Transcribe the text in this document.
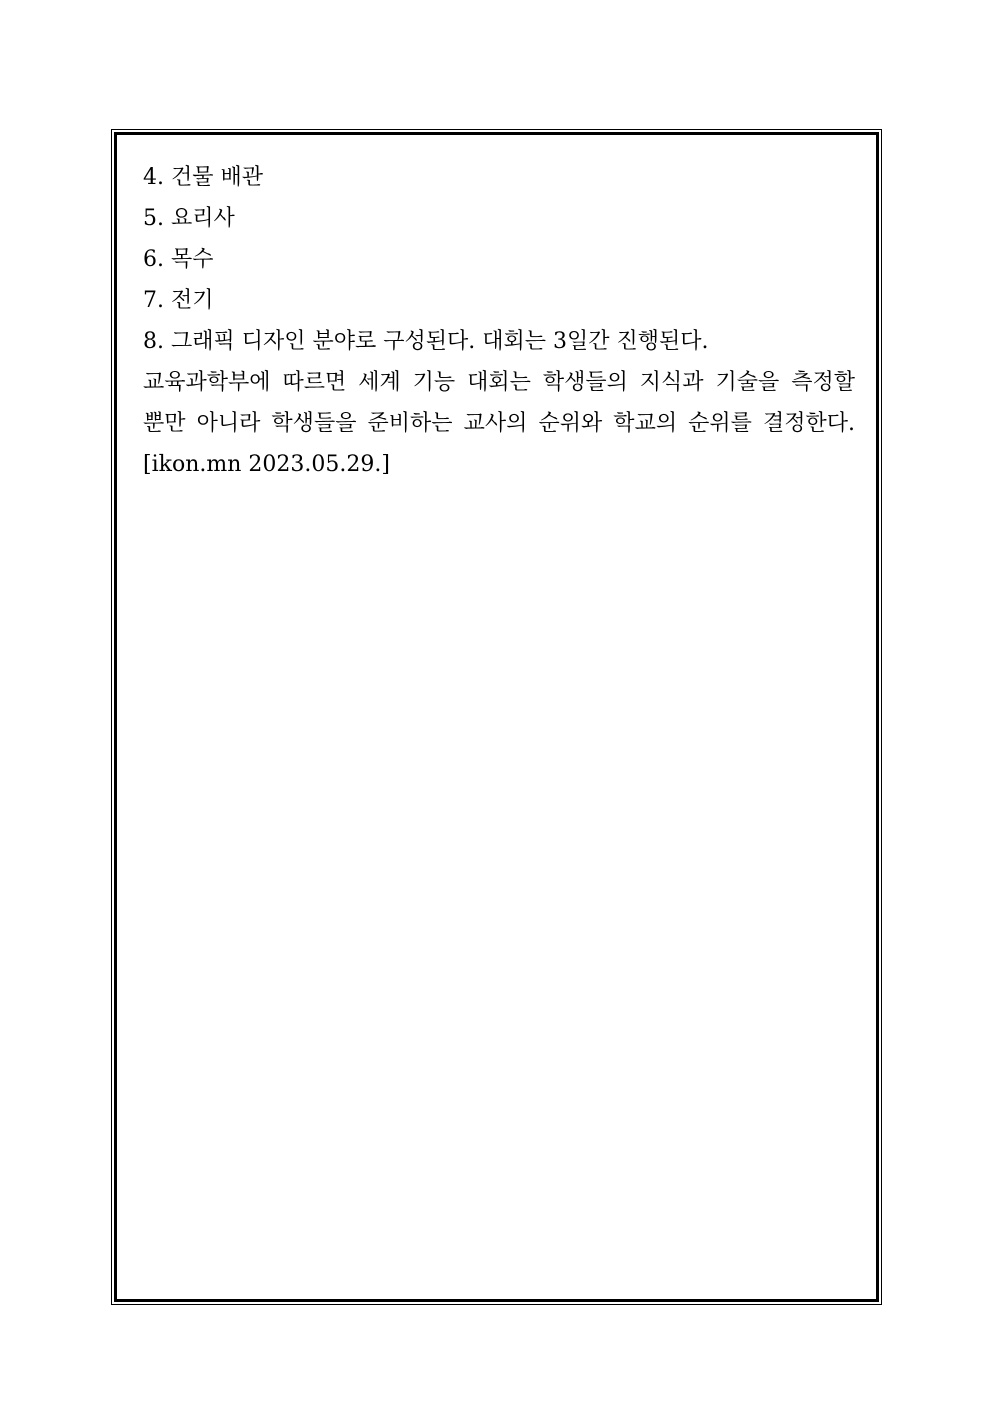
4. 건물 배관
5. 요리사
6. 목수
7. 전기
8. 그래픽 디자인 분야로 구성된다. 대회는 3일간 진행된다.
교육과학부에 따르면 세계 기능 대회는 학생들의 지식과 기술을 측정할
뿐만 아니라 학생들을 준비하는 교사의 순위와 학교의 순위를 결정한다.
[ikon.mn 2023.05.29.]
